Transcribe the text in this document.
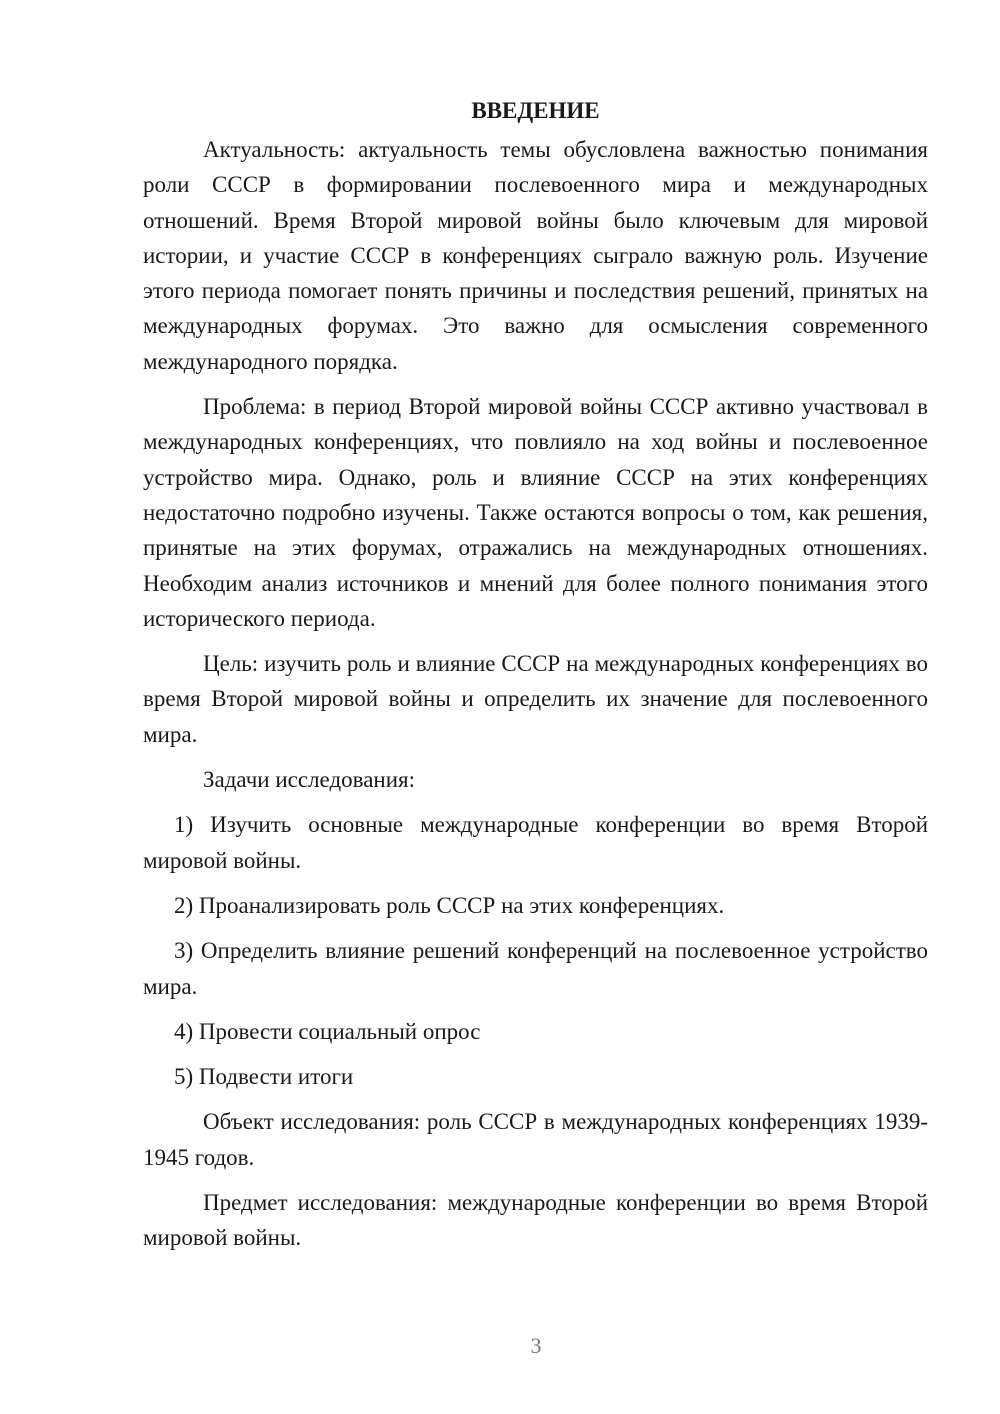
ВВЕДЕНИЕ

Актуальность: актуальность темы обусловлена важностью понимания роли СССР в формировании послевоенного мира и международных отношений. Время Второй мировой войны было ключевым для мировой истории, и участие СССР в конференциях сыграло важную роль. Изучение этого периода помогает понять причины и последствия решений, принятых на международных форумах. Это важно для осмысления современного международного порядка.

Проблема: в период Второй мировой войны СССР активно участвовал в международных конференциях, что повлияло на ход войны и послевоенное устройство мира. Однако, роль и влияние СССР на этих конференциях недостаточно подробно изучены. Также остаются вопросы о том, как решения, принятые на этих форумах, отражались на международных отношениях. Необходим анализ источников и мнений для более полного понимания этого исторического периода.

Цель: изучить роль и влияние СССР на международных конференциях во время Второй мировой войны и определить их значение для послевоенного мира.

Задачи исследования:

1) Изучить основные международные конференции во время Второй мировой войны.

2) Проанализировать роль СССР на этих конференциях.

3) Определить влияние решений конференций на послевоенное устройство мира.

4) Провести социальный опрос

5) Подвести итоги

Объект исследования: роль СССР в международных конференциях 1939-1945 годов.

Предмет исследования: международные конференции во время Второй мировой войны.

3
